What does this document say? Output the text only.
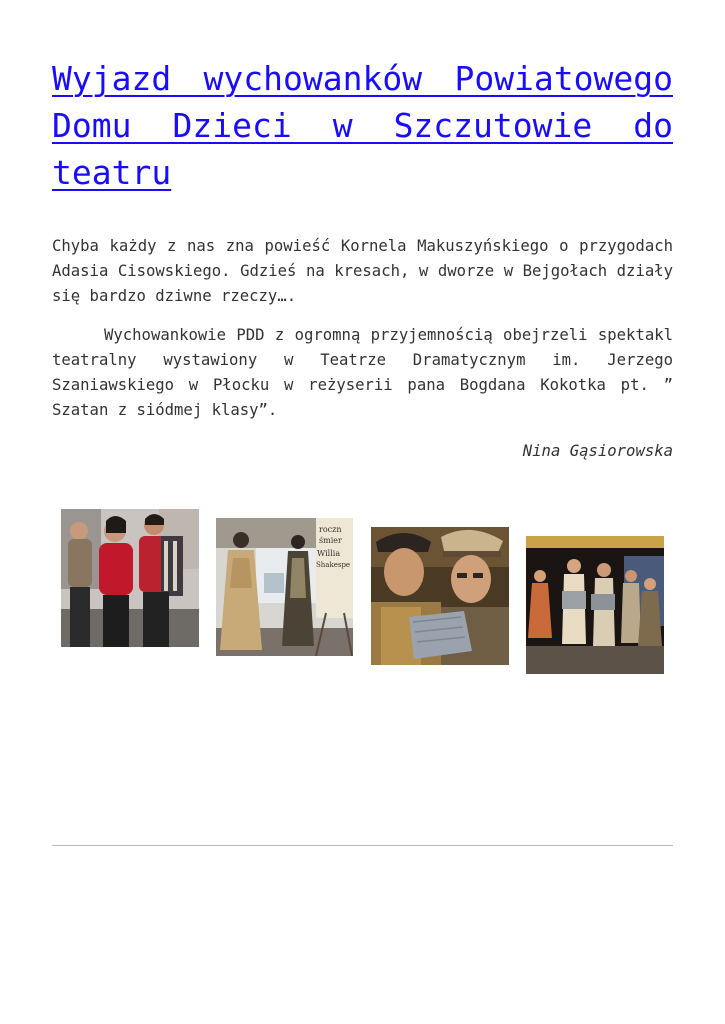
Wyjazd wychowanków Powiatowego Domu Dzieci w Szczutowie do teatru

Chyba każdy z nas zna powieść Kornela Makuszyńskiego o przygodach Adasia Cisowskiego. Gdzieś na kresach, w dworze w Bejgołach działy się bardzo dziwne rzeczy….

Wychowankowie PDD z ogromną przyjemnością obejrzeli spektakl teatralny wystawiony w Teatrze Dramatycznym im. Jerzego Szaniawskiego w Płocku w reżyserii pana Bogdana Kokotka pt. ” Szatan z siódmej klasy”.

Nina Gąsiorowska

roczn
śmier
Willia
Shakespe
